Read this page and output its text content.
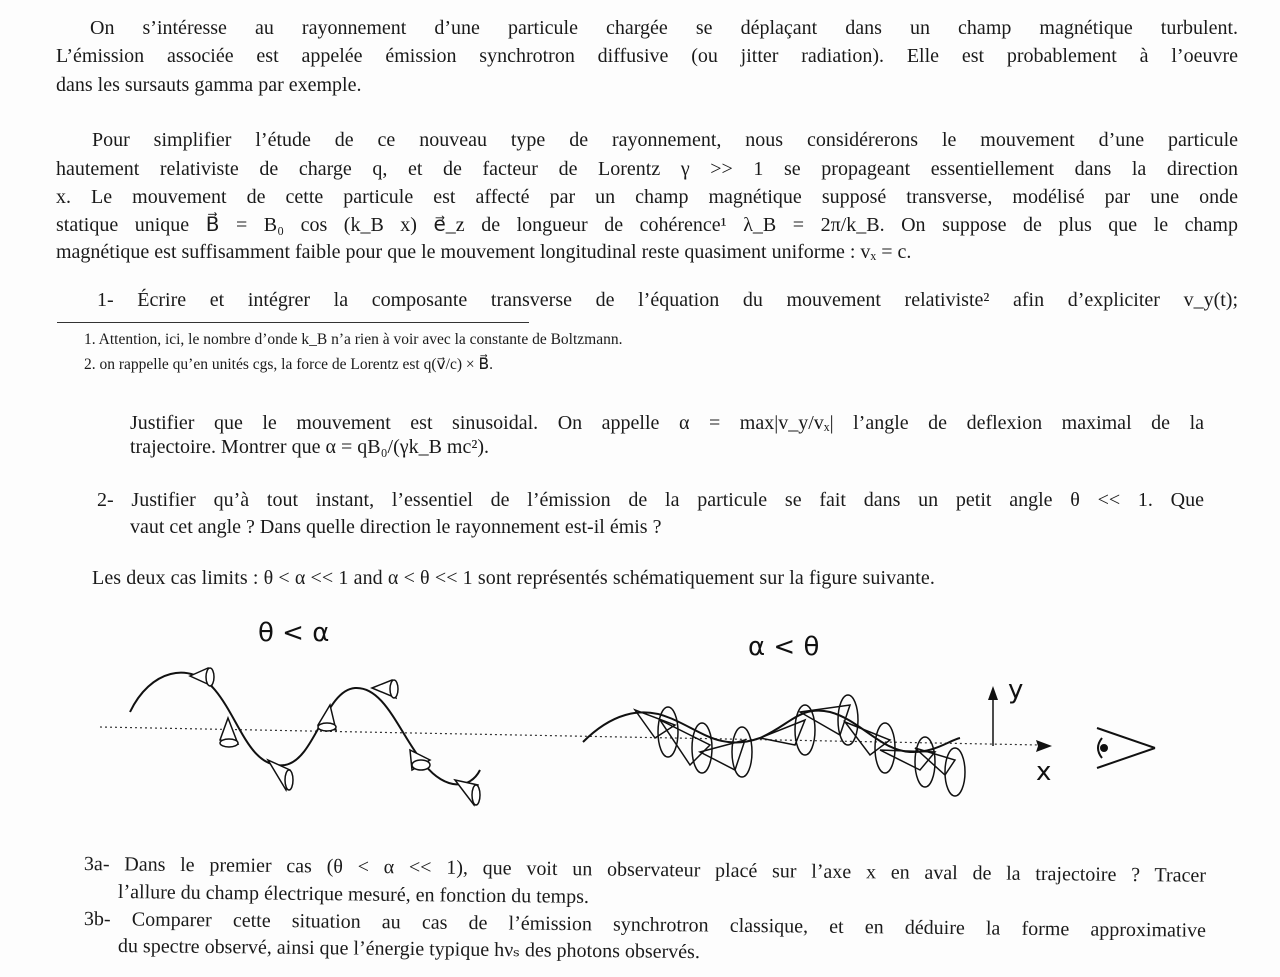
On s’intéresse au rayonnement d’une particule chargée se déplaçant dans un champ magnétique turbulent.
L’émission associée est appelée émission synchrotron diffusive (ou jitter radiation). Elle est probablement à l’oeuvre
dans les sursauts gamma par exemple.
Pour simplifier l’étude de ce nouveau type de rayonnement, nous considérerons le mouvement d’une particule
hautement relativiste de charge q, et de facteur de Lorentz γ >> 1 se propageant essentiellement dans la direction
x. Le mouvement de cette particule est affecté par un champ magnétique supposé transverse, modélisé par une onde
statique unique B⃗ = B₀ cos (k_B x) e⃗_z de longueur de cohérence¹ λ_B = 2π/k_B. On suppose de plus que le champ
magnétique est suffisamment faible pour que le mouvement longitudinal reste quasiment uniforme : vₓ = c.
1- Écrire et intégrer la composante transverse de l’équation du mouvement relativiste² afin d’expliciter v_y(t);
1. Attention, ici, le nombre d’onde k_B n’a rien à voir avec la constante de Boltzmann.
2. on rappelle qu’en unités cgs, la force de Lorentz est q(v⃗/c) × B⃗.
Justifier que le mouvement est sinusoidal. On appelle α = max|v_y/vₓ| l’angle de deflexion maximal de la
trajectoire. Montrer que α = qB₀/(γk_B mc²).
2- Justifier qu’à tout instant, l’essentiel de l’émission de la particule se fait dans un petit angle θ << 1. Que
vaut cet angle ? Dans quelle direction le rayonnement est-il émis ?
Les deux cas limits : θ < α << 1 and α < θ << 1 sont représentés schématiquement sur la figure suivante.
θ < α	α < θ
y
x
3a- Dans le premier cas (θ < α << 1), que voit un observateur placé sur l’axe x en aval de la trajectoire ? Tracer
l’allure du champ électrique mesuré, en fonction du temps.
3b- Comparer cette situation au cas de l’émission synchrotron classique, et en déduire la forme approximative
du spectre observé, ainsi que l’énergie typique hνₛ des photons observés.
